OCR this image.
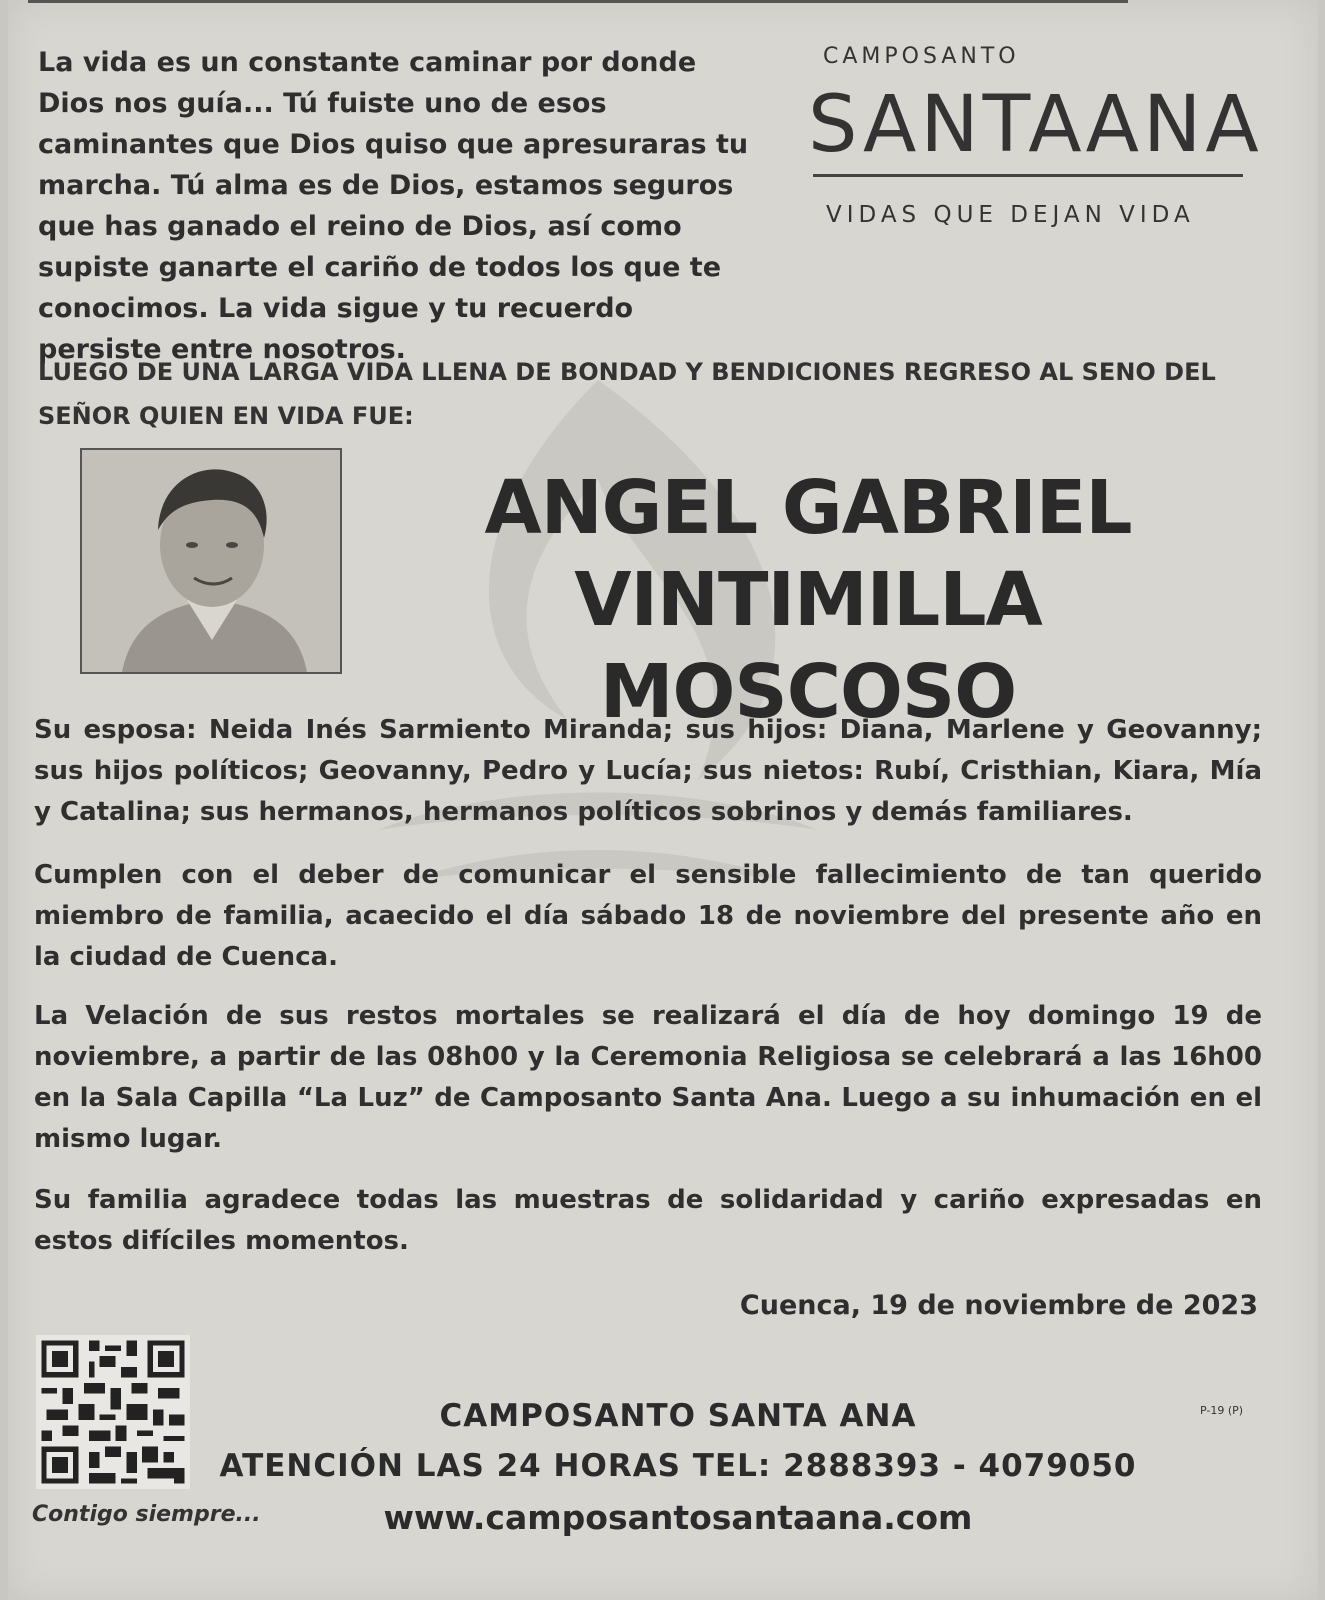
La vida es un constante caminar por donde Dios nos guía... Tú fuiste uno de esos caminantes que Dios quiso que apresuraras tu marcha. Tú alma es de Dios, estamos seguros que has ganado el reino de Dios, así como supiste ganarte el cariño de todos los que te conocimos. La vida sigue y tu recuerdo persiste entre nosotros.

CAMPOSANTO
SANTA ANA
VIDAS QUE DEJAN VIDA

LUEGO DE UNA LARGA VIDA LLENA DE BONDAD Y BENDICIONES REGRESO AL SENO DEL SEÑOR QUIEN EN VIDA FUE:

ANGEL GABRIEL
VINTIMILLA MOSCOSO

Su esposa: Neida Inés Sarmiento Miranda; sus hijos: Diana, Marlene y Geovanny; sus hijos políticos; Geovanny, Pedro y Lucía; sus nietos: Rubí, Cristhian, Kiara, Mía y Catalina; sus hermanos, hermanos políticos sobrinos y demás familiares.

Cumplen con el deber de comunicar el sensible fallecimiento de tan querido miembro de familia, acaecido el día sábado 18 de noviembre del presente año en la ciudad de Cuenca.

La Velación de sus restos mortales se realizará el día de hoy domingo 19 de noviembre, a partir de las 08h00 y la Ceremonia Religiosa se celebrará a las 16h00 en la Sala Capilla “La Luz” de Camposanto Santa Ana. Luego a su inhumación en el mismo lugar.

Su familia agradece todas las muestras de solidaridad y cariño expresadas en estos difíciles momentos.

Cuenca, 19 de noviembre de 2023
Contigo siempre...
P-19 (P)

CAMPOSANTO SANTA ANA

ATENCIÓN LAS 24 HORAS TEL: 2888393 - 4079050

www.camposantosantaana.com
